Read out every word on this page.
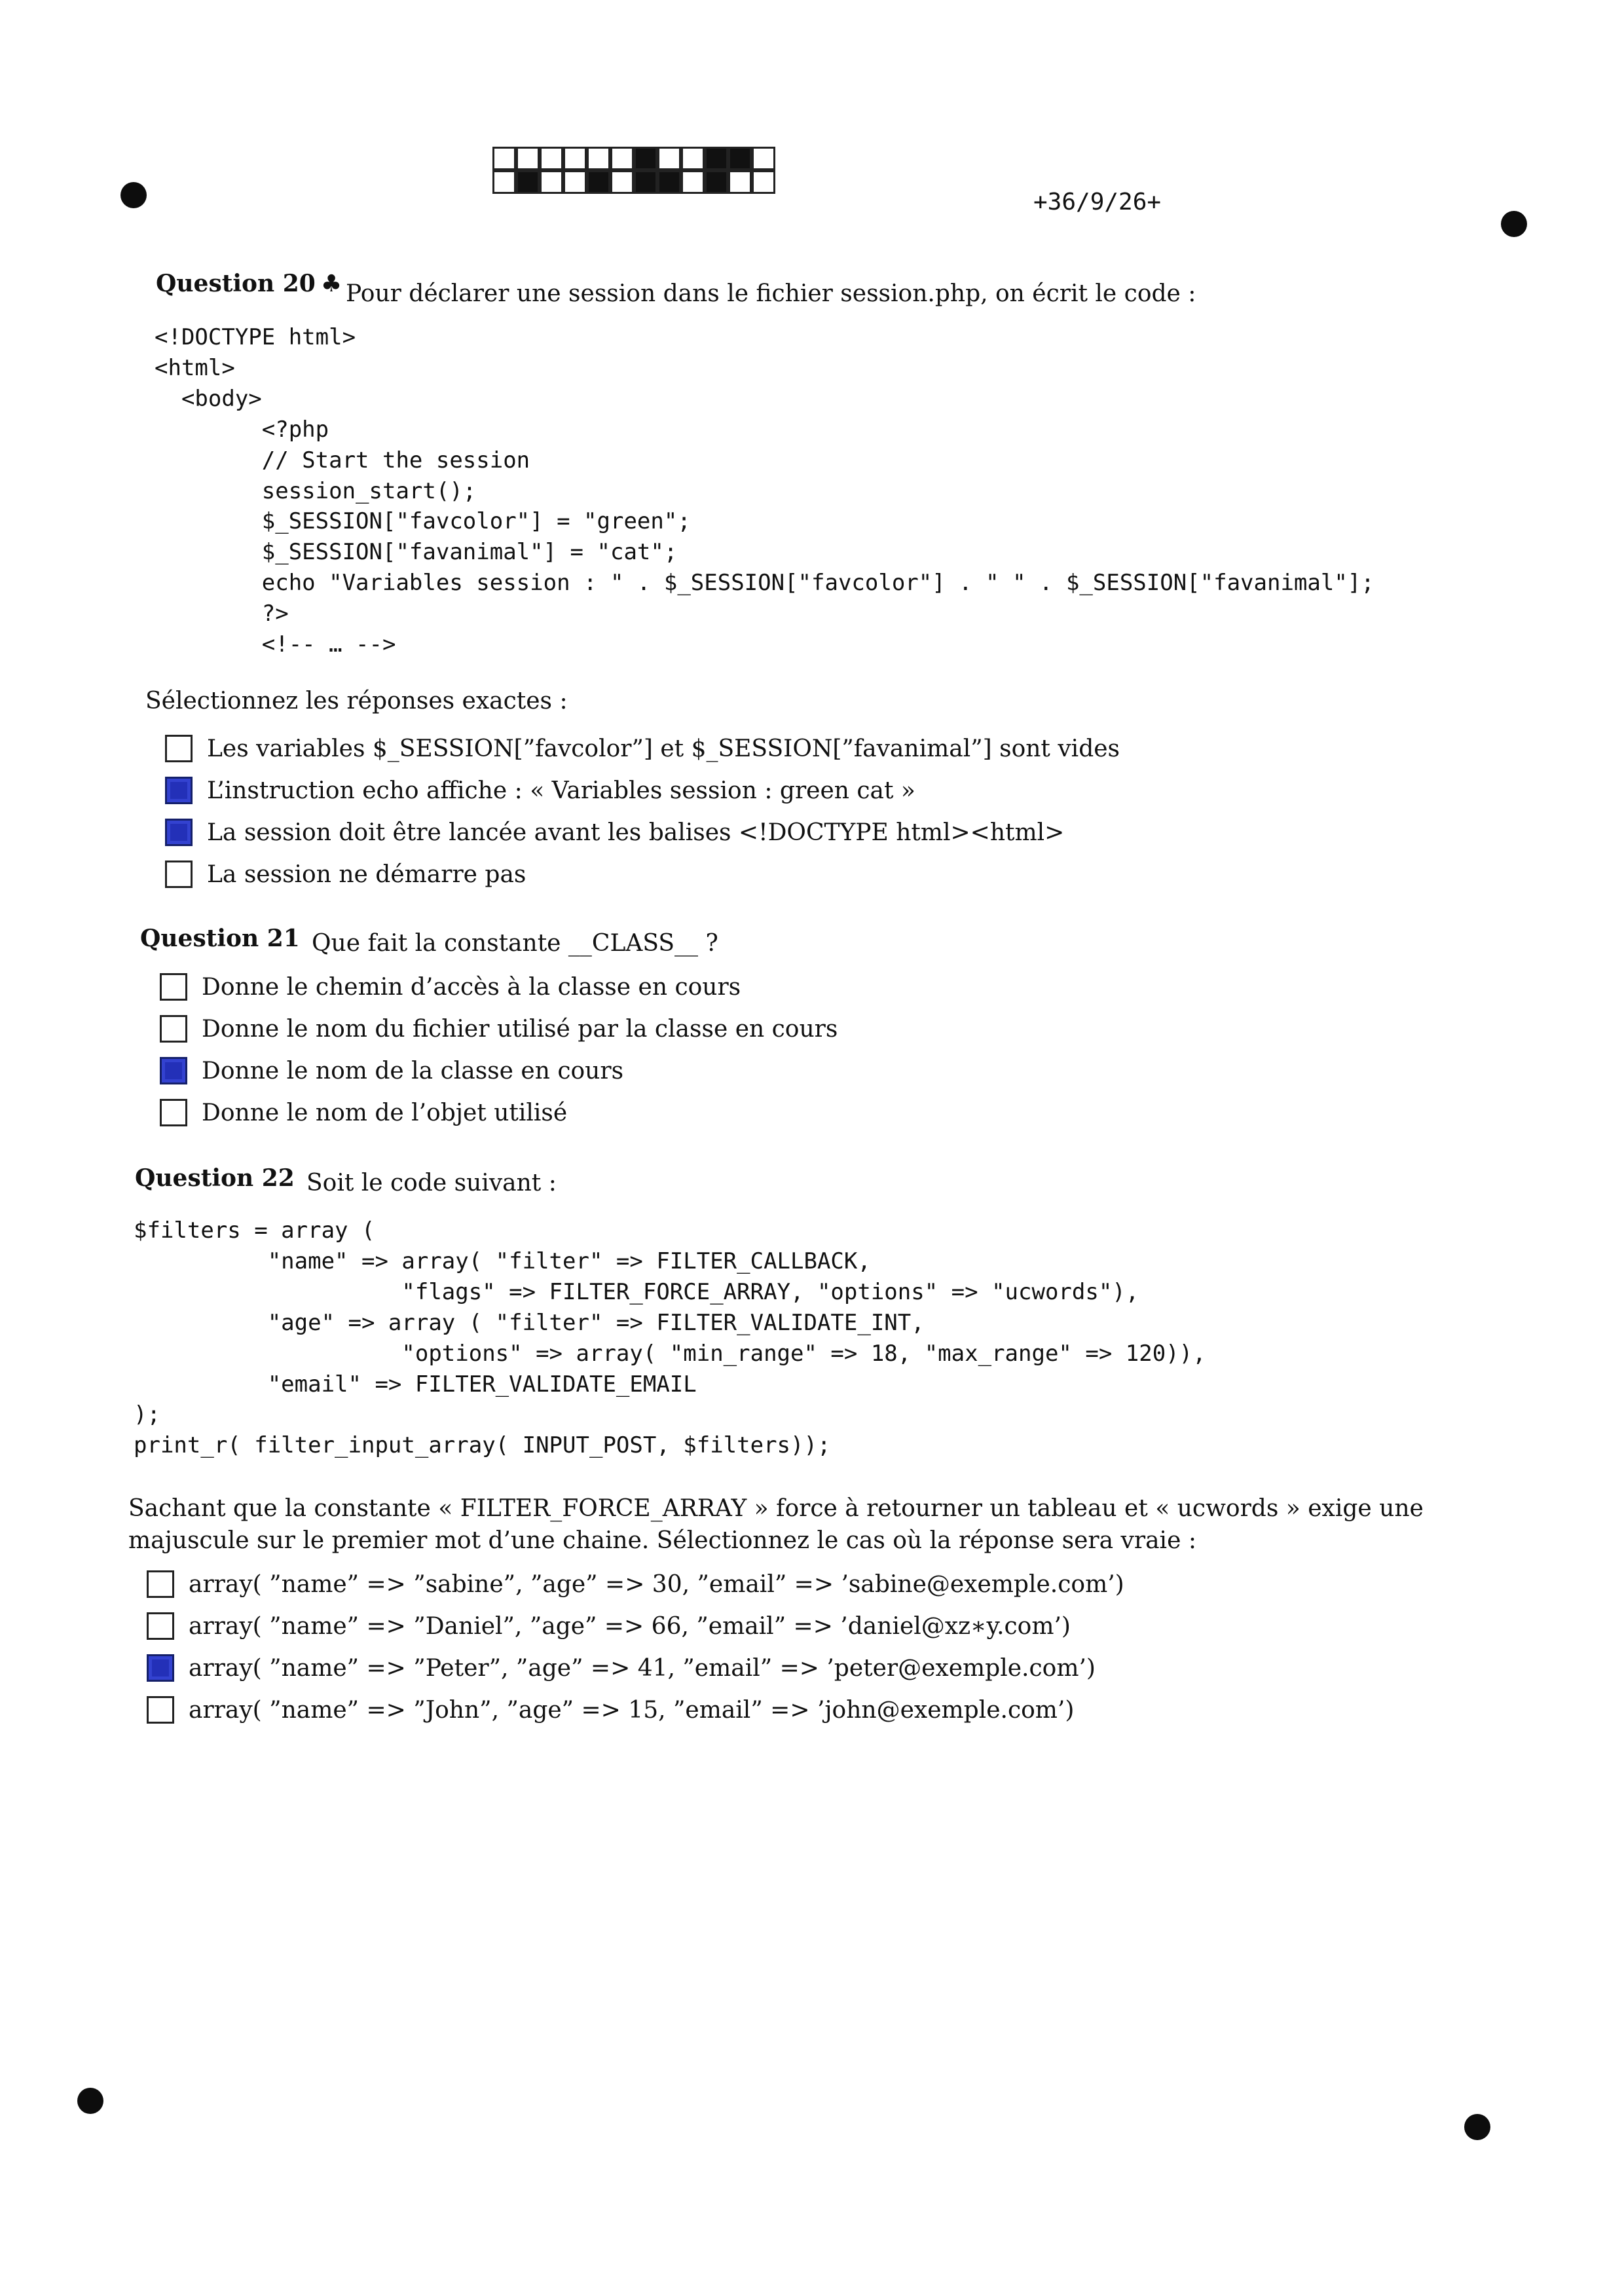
+36/9/26+
Question 20 ♣ Pour déclarer une session dans le fichier session.php, on écrit le code :
<!DOCTYPE html>
<html>
<body>
<?php
// Start the session
session_start();
$_SESSION["favcolor"] = "green";
$_SESSION["favanimal"] = "cat";
echo "Variables session : " . $_SESSION["favcolor"] . " " . $_SESSION["favanimal"];
?>
<!-- … -->
Sélectionnez les réponses exactes :
Les variables $_SESSION[”favcolor”] et $_SESSION[”favanimal”] sont vides
L’instruction echo affiche : « Variables session : green cat »
La session doit être lancée avant les balises <!DOCTYPE html><html>
La session ne démarre pas
Question 21 Que fait la constante __CLASS__ ?
Donne le chemin d’accès à la classe en cours
Donne le nom du fichier utilisé par la classe en cours
Donne le nom de la classe en cours
Donne le nom de l’objet utilisé
Question 22 Soit le code suivant :
$filters = array (
"name" => array( "filter" => FILTER_CALLBACK,
"flags" => FILTER_FORCE_ARRAY, "options" => "ucwords"),
"age" => array ( "filter" => FILTER_VALIDATE_INT,
"options" => array( "min_range" => 18, "max_range" => 120)),
"email" => FILTER_VALIDATE_EMAIL
);
print_r( filter_input_array( INPUT_POST, $filters));
Sachant que la constante « FILTER_FORCE_ARRAY » force à retourner un tableau et « ucwords » exige une majuscule sur le premier mot d’une chaine. Sélectionnez le cas où la réponse sera vraie :
array( ”name” => ”sabine”, ”age” => 30, ”email” => ’sabine@exemple.com’)
array( ”name” => ”Daniel”, ”age” => 66, ”email” => ’daniel@xz∗y.com’)
array( ”name” => ”Peter”, ”age” => 41, ”email” => ’peter@exemple.com’)
array( ”name” => ”John”, ”age” => 15, ”email” => ’john@exemple.com’)
